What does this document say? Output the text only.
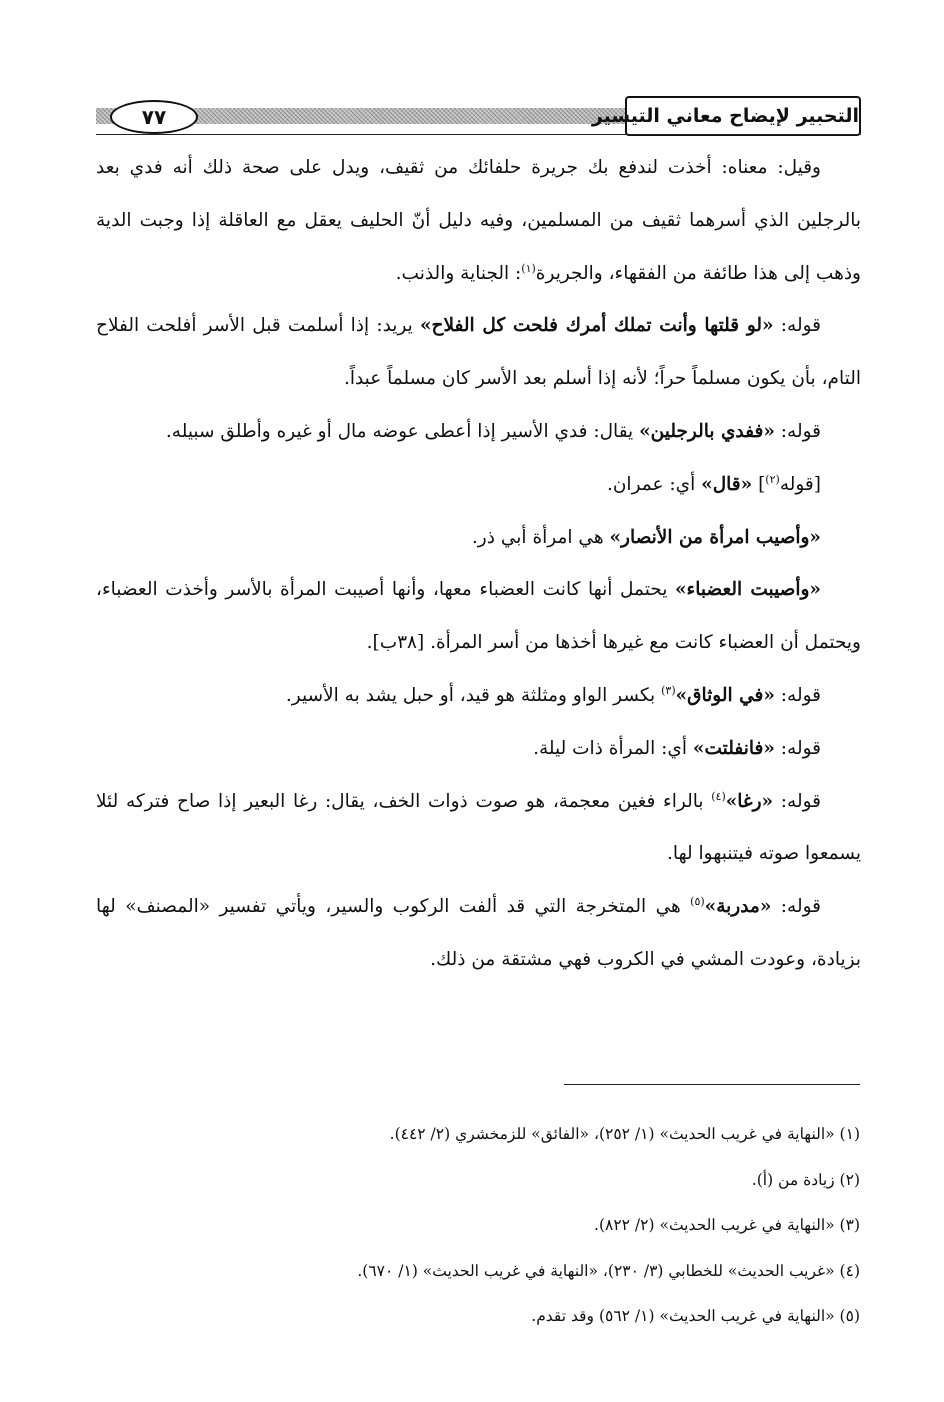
٧٧	التحبير لإيضاح معاني التيسير

وقيل: معناه: أخذت لندفع بك جريرة حلفائك من ثقيف، ويدل على صحة ذلك أنه فدي بعد بالرجلين الذي أسرهما ثقيف من المسلمين، وفيه دليل أنّ الحليف يعقل مع العاقلة إذا وجبت الدية وذهب إلى هذا طائفة من الفقهاء، والجريرة$^{(١)}$: الجناية والذنب.

قوله: «لو قلتها وأنت تملك أمرك فلحت كل الفلاح» يريد: إذا أسلمت قبل الأسر أفلحت الفلاح التام، بأن يكون مسلماً حراً؛ لأنه إذا أسلم بعد الأسر كان مسلماً عبداً.

قوله: «ففدي بالرجلين» يقال: فدي الأسير إذا أعطى عوضه مال أو غيره وأطلق سبيله.

[قوله$^{(٢)}$] «قال» أي: عمران.

«وأصيب امرأة من الأنصار» هي امرأة أبي ذر.

«وأصيبت العضباء» يحتمل أنها كانت العضباء معها، وأنها أصيبت المرأة بالأسر وأخذت العضباء، ويحتمل أن العضباء كانت مع غيرها أخذها من أسر المرأة. [٣٨ب].

قوله: «في الوثاق»$^{(٣)}$ بكسر الواو ومثلثة هو قيد، أو حبل يشد به الأسير.

قوله: «فانفلتت» أي: المرأة ذات ليلة.

قوله: «رغا»$^{(٤)}$ بالراء فغين معجمة، هو صوت ذوات الخف، يقال: رغا البعير إذا صاح فتركه لئلا يسمعوا صوته فيتنبهوا لها.

قوله: «مدربة»$^{(٥)}$ هي المتخرجة التي قد ألفت الركوب والسير، ويأتي تفسير «المصنف» لها بزيادة، وعودت المشي في الكروب فهي مشتقة من ذلك.

(١) «النهاية في غريب الحديث» (١/ ٢٥٢)، «الفائق» للزمخشري (٢/ ٤٤٢).

(٢) زيادة من (أ).

(٣) «النهاية في غريب الحديث» (٢/ ٨٢٢).

(٤) «غريب الحديث» للخطابي (٣/ ٢٣٠)، «النهاية في غريب الحديث» (١/ ٦٧٠).

(٥) «النهاية في غريب الحديث» (١/ ٥٦٢) وقد تقدم.
